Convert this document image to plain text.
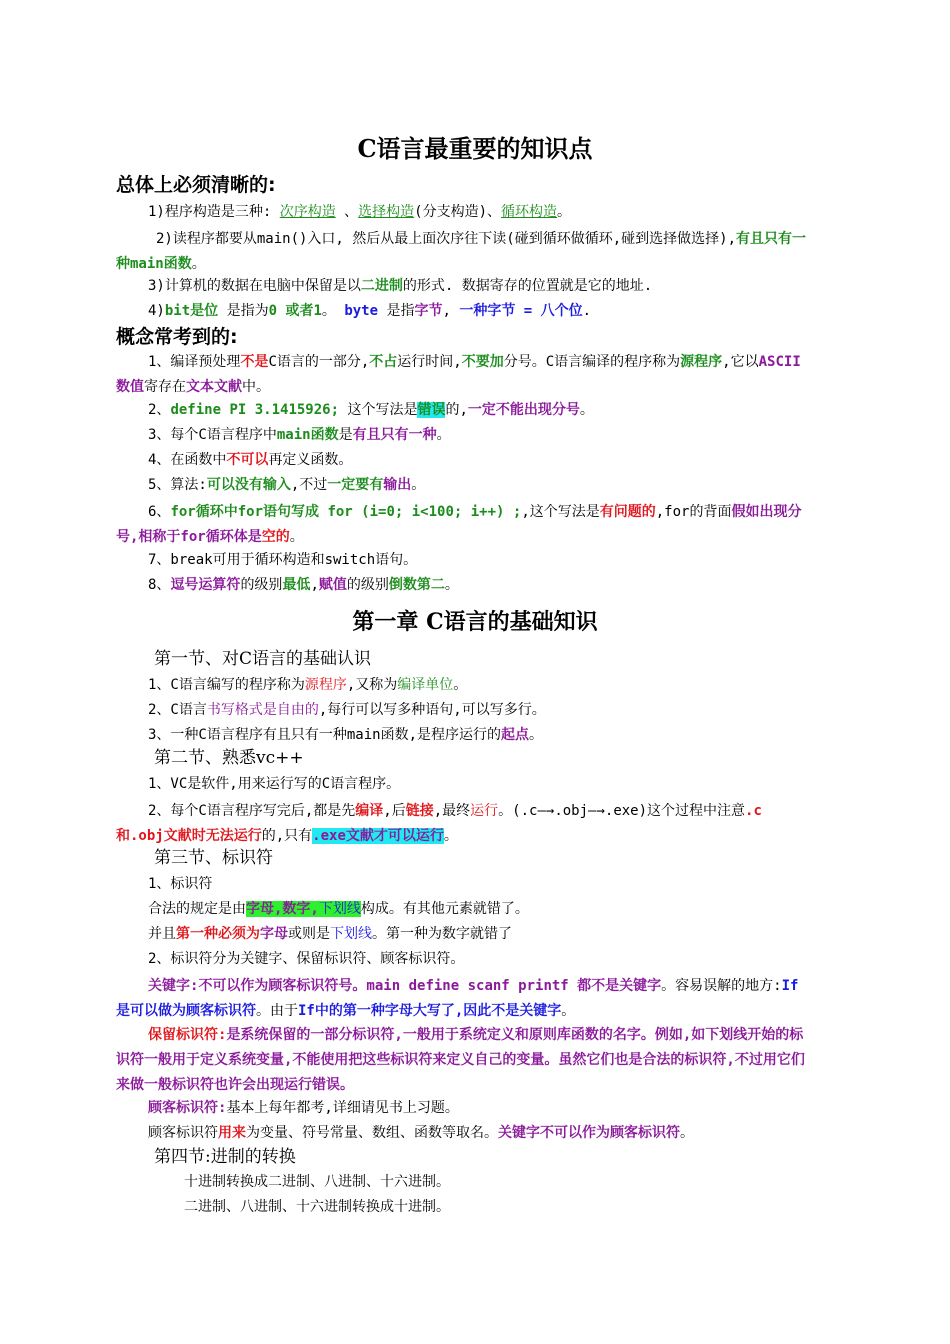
C语言最重要的知识点
总体上必须清晰的:
1)程序构造是三种: 次序构造 、选择构造(分支构造)、循环构造。
2)读程序都要从main()入口, 然后从最上面次序往下读(碰到循环做循环,碰到选择做选择),有且只有一种main函数。
3)计算机的数据在电脑中保留是以二进制的形式. 数据寄存的位置就是它的地址.
4)bit是位 是指为0 或者1。 byte 是指字节, 一种字节 = 八个位.
概念常考到的:
1、编译预处理不是C语言的一部分,不占运行时间,不要加分号。C语言编译的程序称为源程序,它以ASCII数值寄存在文本文献中。
2、define PI 3.1415926; 这个写法是错误的,一定不能出现分号。
3、每个C语言程序中main函数是有且只有一种。
4、在函数中不可以再定义函数。
5、算法:可以没有输入,不过一定要有输出。
6、for循环中for语句写成 for (i=0; i<100; i++) ;,这个写法是有问题的,for的背面假如出现分号,相称于for循环体是空的。
7、break可用于循环构造和switch语句。
8、逗号运算符的级别最低,赋值的级别倒数第二。
第一章 C语言的基础知识
第一节、对C语言的基础认识
1、C语言编写的程序称为源程序,又称为编译单位。
2、C语言书写格式是自由的,每行可以写多种语句,可以写多行。
3、一种C语言程序有且只有一种main函数,是程序运行的起点。
第二节、熟悉vc++
1、VC是软件,用来运行写的C语言程序。
2、每个C语言程序写完后,都是先编译,后链接,最终运行。(.c—→.obj—→.exe)这个过程中注意.c和.obj文献时无法运行的,只有.exe文献才可以运行。
第三节、标识符
1、标识符
合法的规定是由字母,数字,下划线构成。有其他元素就错了。
并且第一种必须为字母或则是下划线。第一种为数字就错了
2、标识符分为关键字、保留标识符、顾客标识符。
关键字:不可以作为顾客标识符号。main define scanf printf 都不是关键字。容易误解的地方:If是可以做为顾客标识符。由于If中的第一种字母大写了,因此不是关键字。
保留标识符:是系统保留的一部分标识符,一般用于系统定义和原则库函数的名字。例如,如下划线开始的标识符一般用于定义系统变量,不能使用把这些标识符来定义自己的变量。虽然它们也是合法的标识符,不过用它们来做一般标识符也许会出现运行错误。
顾客标识符:基本上每年都考,详细请见书上习题。
顾客标识符用来为变量、符号常量、数组、函数等取名。关键字不可以作为顾客标识符。
第四节:进制的转换
十进制转换成二进制、八进制、十六进制。
二进制、八进制、十六进制转换成十进制。
